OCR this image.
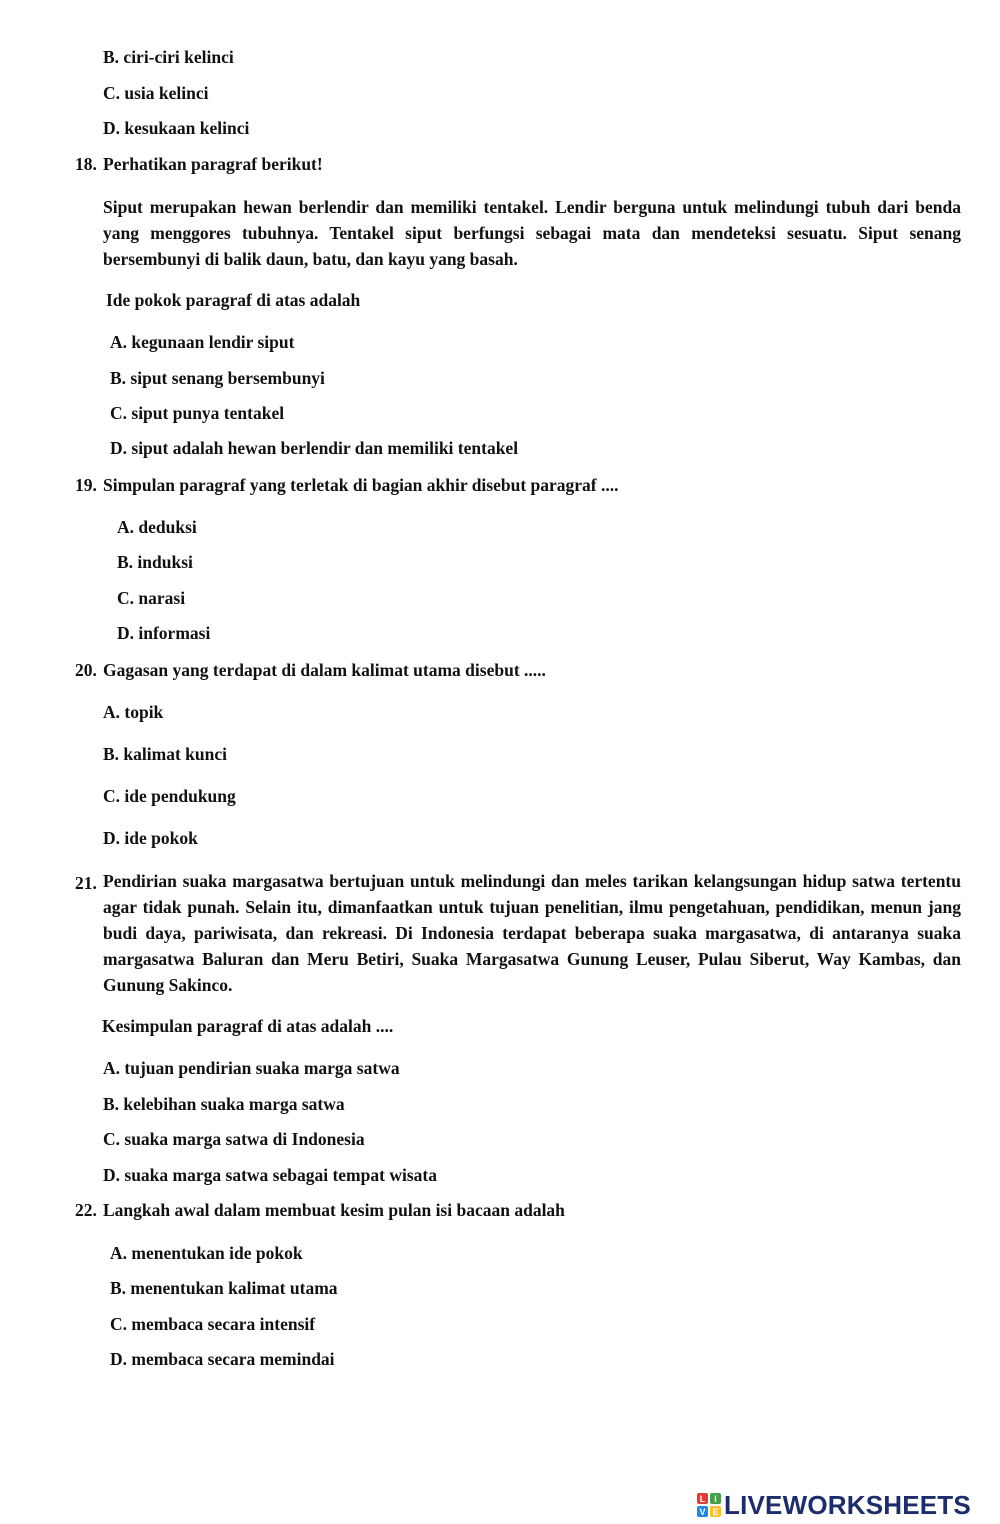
B. ciri-ciri kelinci
C. usia kelinci
D. kesukaan kelinci
18. Perhatikan paragraf berikut!

Siput merupakan hewan berlendir dan memiliki tentakel. Lendir berguna untuk melindungi tubuh dari benda yang menggores tubuhnya. Tentakel siput berfungsi sebagai mata dan mendeteksi sesuatu. Siput senang bersembunyi di balik daun, batu, dan kayu yang basah.

Ide pokok paragraf di atas adalah
A. kegunaan lendir siput
B. siput senang bersembunyi
C. siput punya tentakel
D. siput adalah hewan berlendir dan memiliki tentakel
19. Simpulan paragraf yang terletak di bagian akhir disebut paragraf ....
A. deduksi
B. induksi
C. narasi
D. informasi
20. Gagasan yang terdapat di dalam kalimat utama disebut .....
A. topik
B. kalimat kunci
C. ide pendukung
D. ide pokok
21. Pendirian suaka margasatwa bertujuan untuk melindungi dan meles tarikan kelangsungan hidup satwa tertentu agar tidak punah. Selain itu, dimanfaatkan untuk tujuan penelitian, ilmu pengetahuan, pendidikan, menun jang budi daya, pariwisata, dan rekreasi. Di Indonesia terdapat beberapa suaka margasatwa, di antaranya suaka margasatwa Baluran dan Meru Betiri, Suaka Margasatwa Gunung Leuser, Pulau Siberut, Way Kambas, dan Gunung Sakinco.

Kesimpulan paragraf di atas adalah ....
A. tujuan pendirian suaka marga satwa
B. kelebihan suaka marga satwa
C. suaka marga satwa di Indonesia
D. suaka marga satwa sebagai tempat wisata
22. Langkah awal dalam membuat kesim pulan isi bacaan adalah
A. menentukan ide pokok
B. menentukan kalimat utama
C. membaca secara intensif
D. membaca secara memindai
L I
V E LIVEWORKSHEETS
